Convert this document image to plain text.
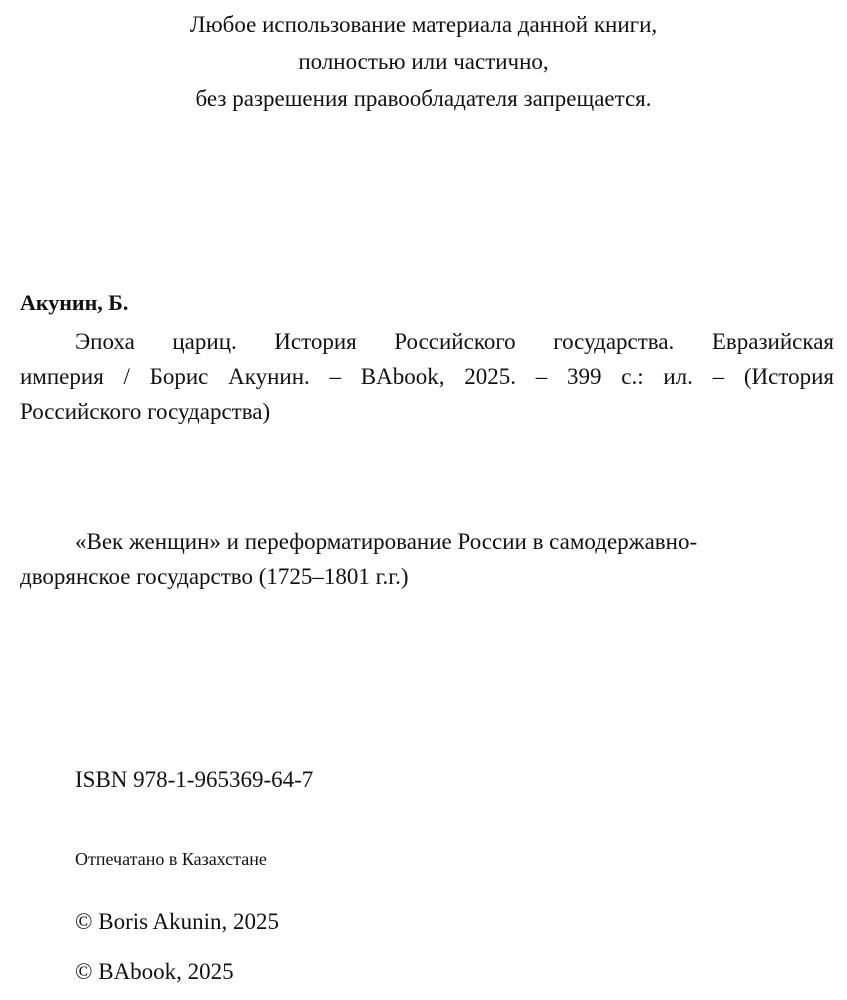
Любое использование материала данной книги,
полностью или частично,
без разрешения правообладателя запрещается.
Акунин, Б.
Эпоха цариц. История Российского государства. Евразийская
империя / Борис Акунин. – BAbook, 2025. – 399 с.: ил. – (История
Российского государства)
«Век женщин» и переформатирование России в самодержавно-
дворянское государство (1725–1801 г.г.)
ISBN 978-1-965369-64-7
Отпечатано в Казахстане
© Boris Akunin, 2025
© BAbook, 2025
